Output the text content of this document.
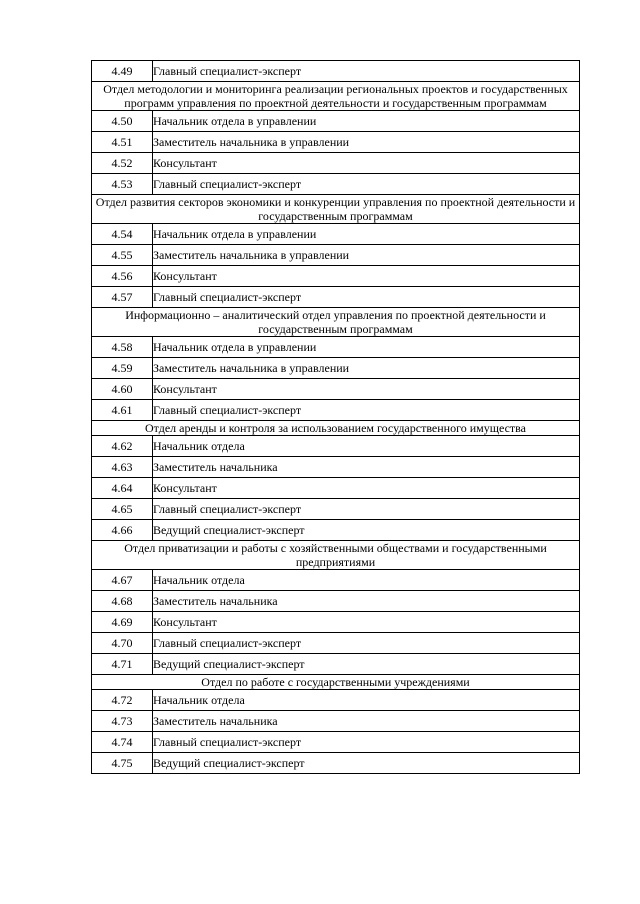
4.49	Главный специалист-эксперт
Отдел методологии и мониторинга реализации региональных проектов и государственных программ управления по проектной деятельности и государственным программам	
4.50	Начальник отдела в управлении
4.51	Заместитель начальника в управлении
4.52	Консультант
4.53	Главный специалист-эксперт
Отдел развития секторов экономики и конкуренции управления по проектной деятельности и государственным программам	
4.54	Начальник отдела в управлении
4.55	Заместитель начальника в управлении
4.56	Консультант
4.57	Главный специалист-эксперт
Информационно – аналитический отдел управления по проектной деятельности и государственным программам	
4.58	Начальник отдела в управлении
4.59	Заместитель начальника в управлении
4.60	Консультант
4.61	Главный специалист-эксперт
Отдел аренды и контроля за использованием государственного имущества	
4.62	Начальник отдела
4.63	Заместитель начальника
4.64	Консультант
4.65	Главный специалист-эксперт
4.66	Ведущий специалист-эксперт
Отдел приватизации и работы с хозяйственными обществами и государственными предприятиями	
4.67	Начальник отдела
4.68	Заместитель начальника
4.69	Консультант
4.70	Главный специалист-эксперт
4.71	Ведущий специалист-эксперт
Отдел по работе с государственными учреждениями	
4.72	Начальник отдела
4.73	Заместитель начальника
4.74	Главный специалист-эксперт
4.75	Ведущий специалист-эксперт
